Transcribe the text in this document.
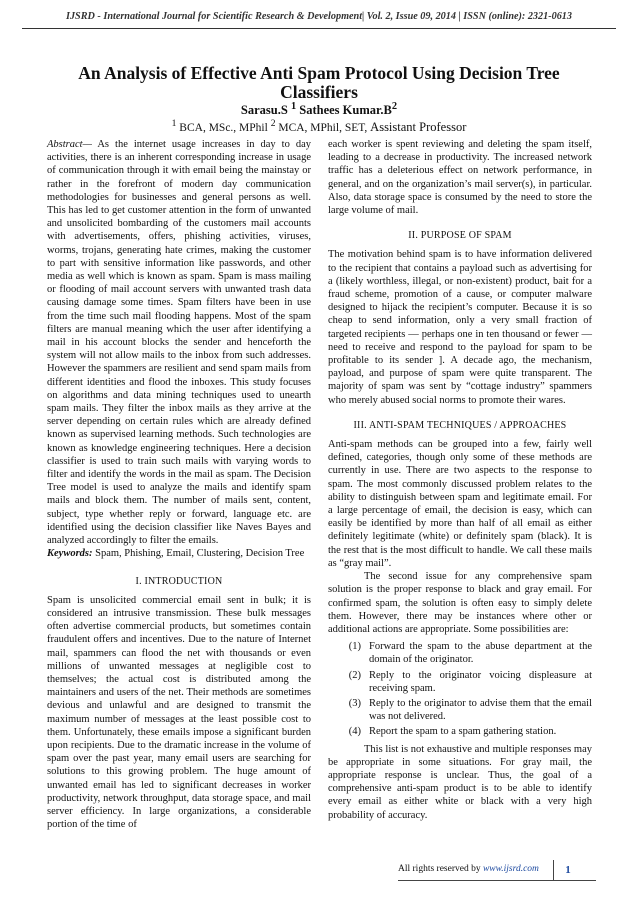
IJSRD - International Journal for Scientific Research & Development| Vol. 2, Issue 09, 2014 | ISSN (online): 2321-0613
An Analysis of Effective Anti Spam Protocol Using Decision Tree Classifiers
Sarasu.S $^1$ Sathees $Kumar.B^2$
$^1$ BCA, MSc., MPhil $^2$ MCA, MPhil, SET, Assistant Professor

Abstract— As the internet usage increases in day to day activities, there is an inherent corresponding increase in usage of communication through it with email being the mainstay or rather in the forefront of modern day communication methodologies for businesses and general persons as well. This has led to get customer attention in the form of unwanted and unsolicited bombarding of the customers mail accounts with advertisements, offers, phishing activities, viruses, worms, trojans, generating hate crimes, making the customer to part with sensitive information like passwords, and other media as well which is known as spam. Spam is mass mailing or flooding of mail account servers with unwanted trash data causing damage some times. Spam filters have been in use from the time such mail flooding happens. Most of the spam filters are manual meaning which the user after identifying a mail in his account blocks the sender and henceforth the system will not allow mails to the inbox from such addresses. However the spammers are resilient and send spam mails from different identities and flood the inboxes. This study focuses on algorithms and data mining techniques used to unearth spam mails. They filter the inbox mails as they arrive at the server depending on certain rules which are already defined known as supervised learning methods. Such technologies are known as knowledge engineering techniques. Here a decision classifier is used to train such mails with varying words to filter and identify the words in the mail as spam. The Decision Tree model is used to analyze the mails and identify spam mails and block them. The number of mails sent, content, subject, type whether reply or forward, language etc. are identified using the decision classifier like Naves Bayes and analyzed accordingly to filter the emails.

Keywords: Spam, Phishing, Email, Clustering, Decision Tree

I. INTRODUCTION

Spam is unsolicited commercial email sent in bulk; it is considered an intrusive transmission. These bulk messages often advertise commercial products, but sometimes contain fraudulent offers and incentives. Due to the nature of Internet mail, spammers can flood the net with thousands or even millions of unwanted messages at negligible cost to themselves; the actual cost is distributed among the maintainers and users of the net. Their methods are sometimes devious and unlawful and are designed to transmit the maximum number of messages at the least possible cost to them. Unfortunately, these emails impose a significant burden upon recipients. Due to the dramatic increase in the volume of spam over the past year, many email users are searching for solutions to this growing problem. The huge amount of unwanted email has led to significant decreases in worker productivity, network throughput, data storage space, and mail server efficiency. In large organizations, a considerable portion of the time of

each worker is spent reviewing and deleting the spam itself, leading to a decrease in productivity. The increased network traffic has a deleterious effect on network performance, in general, and on the organization’s mail server(s), in particular. Also, data storage space is consumed by the need to store the large volume of mail.

II. PURPOSE OF SPAM

The motivation behind spam is to have information delivered to the recipient that contains a payload such as advertising for a (likely worthless, illegal, or non-existent) product, bait for a fraud scheme, promotion of a cause, or computer malware designed to hijack the recipient’s computer. Because it is so cheap to send information, only a very small fraction of targeted recipients — perhaps one in ten thousand or fewer — need to receive and respond to the payload for spam to be profitable to its sender ]. A decade ago, the mechanism, payload, and purpose of spam were quite transparent. The majority of spam was sent by “cottage industry” spammers who merely abused social norms to promote their wares.

III. ANTI-SPAM TECHNIQUES / APPROACHES

Anti-spam methods can be grouped into a few, fairly well defined, categories, though only some of these methods are currently in use. There are two aspects to the response to spam. The most commonly discussed problem relates to the ability to distinguish between spam and legitimate email. For a large percentage of email, the decision is easy, which can easily be identified by more than half of all email as either definitely legitimate (white) or definitely spam (black). It is the rest that is the most difficult to handle. We call these mails as “gray mail”.

The second issue for any comprehensive spam solution is the proper response to black and gray email. For confirmed spam, the solution is often easy to simply delete them. However, there may be instances where other or additional actions are appropriate. Some possibilities are:

(1) Forward the spam to the abuse department at the domain of the originator.
(2) Reply to the originator voicing displeasure at receiving spam.
(3) Reply to the originator to advise them that the email was not delivered.
(4) Report the spam to a spam gathering station.

This list is not exhaustive and multiple responses may be appropriate in some situations. For gray mail, the appropriate response is unclear. Thus, the goal of a comprehensive anti-spam product is to be able to identify every email as either white or black with a very high probability of accuracy.

All rights reserved by www.ijsrd.com	1
